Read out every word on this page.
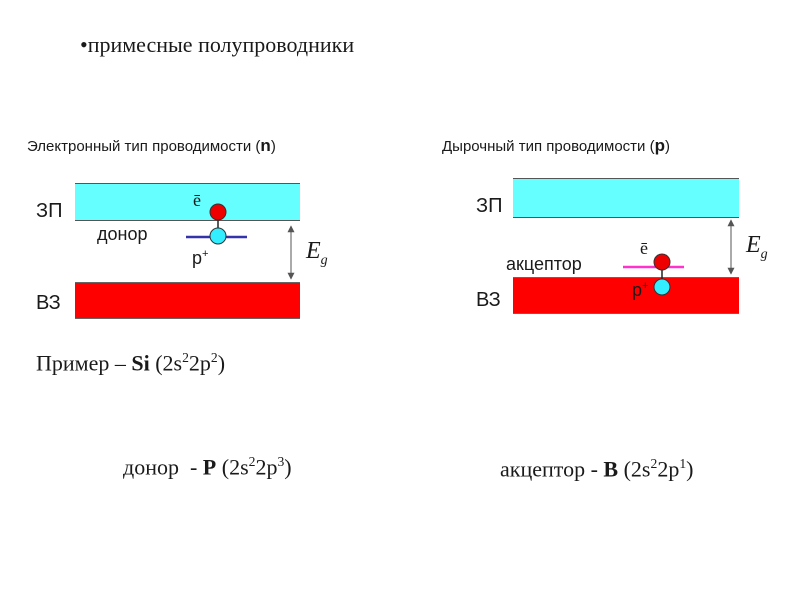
•примесные полупроводники
Электронный тип проводимости (n)	Дырочный тип проводимости (p)
ЗП
ВЗ
донор
ē
p+	$E_g$
ЗП
ВЗ
акцептор
ē
p+
$E_g$
Пример – Si $(2s^22p^2)$
донор  - P $(2s^22p^3)$	акцептор - B $(2s^22p^1)$
